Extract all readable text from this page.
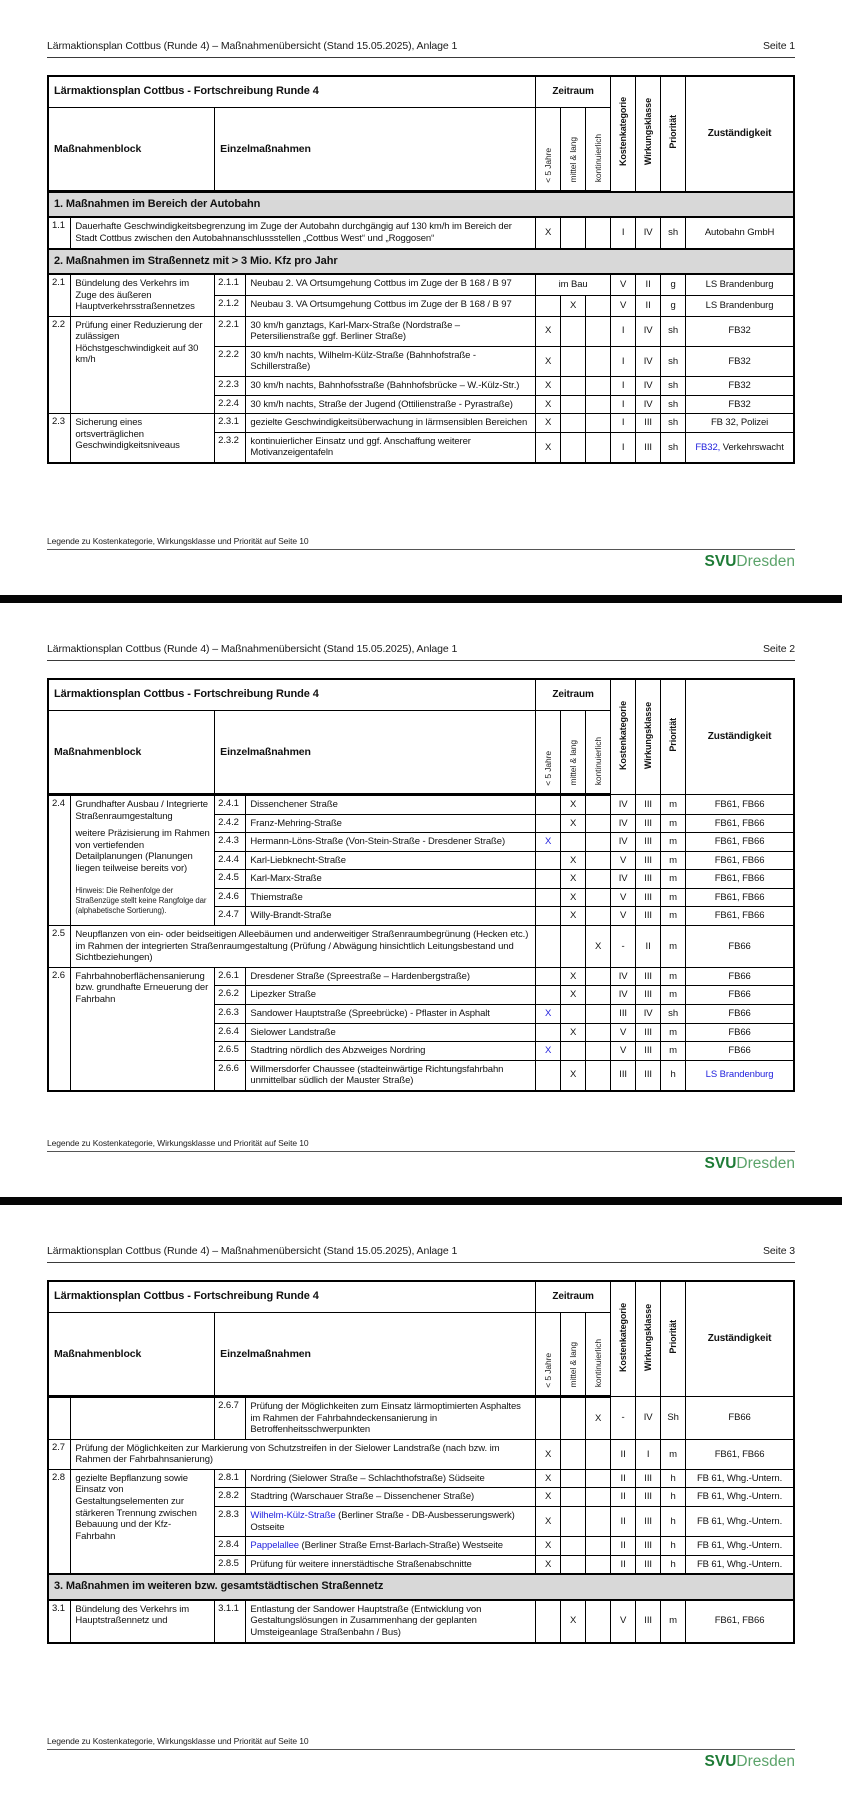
Lärmaktionsplan Cottbus (Runde 4) – Maßnahmenübersicht (Stand 15.05.2025), Anlage 1	Seite 1
Lärmaktionsplan Cottbus - Fortschreibung Runde 4				Zeitraum			Kostenkategorie	Wirkungsklasse	Priorität	Zuständigkeit
Maßnahmenblock		Einzelmaßnahmen		< 5 Jahre	mittel & lang	kontinuierlich				
1. Maßnahmen im Bereich der Autobahn										
1.1	Dauerhafte Geschwindigkeitsbegrenzung im Zuge der Autobahn durchgängig auf 130 km/h im Bereich der Stadt Cottbus zwischen den Autobahnanschlussstellen „Cottbus West“ und „Roggosen“			X			I	IV	sh	Autobahn GmbH
2. Maßnahmen im Straßennetz mit > 3 Mio. Kfz pro Jahr										
2.1	Bündelung des Verkehrs im Zuge des äußeren Hauptverkehrsstraßennetzes	2.1.1	Neubau 2. VA Ortsumgehung Cottbus im Zuge der B 168 / B 97	im Bau			V	II	g	LS Brandenburg
		2.1.2	Neubau 3. VA Ortsumgehung Cottbus im Zuge der B 168 / B 97		X		V	II	g	LS Brandenburg
2.2	Prüfung einer Reduzierung der zulässigen Höchstgeschwindigkeit auf 30 km/h	2.2.1	30 km/h ganztags, Karl-Marx-Straße (Nordstraße – Petersilienstraße ggf. Berliner Straße)	X			I	IV	sh	FB32
		2.2.2	30 km/h nachts, Wilhelm-Külz-Straße (Bahnhofstraße - Schillerstraße)	X			I	IV	sh	FB32
		2.2.3	30 km/h nachts, Bahnhofsstraße (Bahnhofsbrücke – W.-Külz-Str.)	X			I	IV	sh	FB32
		2.2.4	30 km/h nachts, Straße der Jugend (Ottilienstraße - Pyrastraße)	X			I	IV	sh	FB32
2.3	Sicherung eines ortsverträglichen Geschwindigkeitsniveaus	2.3.1	gezielte Geschwindigkeitsüberwachung in lärmsensiblen Bereichen	X			I	III	sh	FB 32, Polizei
		2.3.2	kontinuierlicher Einsatz und ggf. Anschaffung weiterer Motivanzeigentafeln	X			I	III	sh	FB32, Verkehrswacht
Legende zu Kostenkategorie, Wirkungsklasse und Priorität auf Seite 10
SVUDresden
Lärmaktionsplan Cottbus (Runde 4) – Maßnahmenübersicht (Stand 15.05.2025), Anlage 1	Seite 2
Lärmaktionsplan Cottbus - Fortschreibung Runde 4				Zeitraum			Kostenkategorie	Wirkungsklasse	Priorität	Zuständigkeit
Maßnahmenblock		Einzelmaßnahmen		< 5 Jahre	mittel & lang	kontinuierlich				
2.4	Grundhafter Ausbau / Integrierte Straßenraumgestaltung
weitere Präzisierung im Rahmen von vertiefenden Detailplanungen (Planungen liegen teilweise bereits vor)
Hinweis: Die Reihenfolge der Straßenzüge stellt keine Rangfolge dar (alphabetische Sortierung).	2.4.1	Dissenchener Straße		X		IV	III	m	FB61, FB66
		2.4.2	Franz-Mehring-Straße		X		IV	III	m	FB61, FB66
		2.4.3	Hermann-Löns-Straße (Von-Stein-Straße - Dresdener Straße)	X			IV	III	m	FB61, FB66
		2.4.4	Karl-Liebknecht-Straße		X		V	III	m	FB61, FB66
		2.4.5	Karl-Marx-Straße		X		IV	III	m	FB61, FB66
		2.4.6	Thiemstraße		X		V	III	m	FB61, FB66
		2.4.7	Willy-Brandt-Straße		X		V	III	m	FB61, FB66
2.5	Neupflanzen von ein- oder beidseitigen Alleebäumen und anderweitiger Straßenraumbegrünung (Hecken etc.) im Rahmen der integrierten Straßenraumgestaltung (Prüfung / Abwägung hinsichtlich Leitungsbestand und Sichtbeziehungen)					X	-	II	m	FB66
2.6	Fahrbahnoberflächensanierung bzw. grundhafte Erneuerung der Fahrbahn	2.6.1	Dresdener Straße (Spreestraße – Hardenbergstraße)		X		IV	III	m	FB66
		2.6.2	Lipezker Straße		X		IV	III	m	FB66
		2.6.3	Sandower Hauptstraße (Spreebrücke) - Pflaster in Asphalt	X			III	IV	sh	FB66
		2.6.4	Sielower Landstraße		X		V	III	m	FB66
		2.6.5	Stadtring nördlich des Abzweiges Nordring	X			V	III	m	FB66
		2.6.6	Willmersdorfer Chaussee (stadteinwärtige Richtungsfahrbahn unmittelbar südlich der Mauster Straße)		X		III	III	h	LS Brandenburg
Legende zu Kostenkategorie, Wirkungsklasse und Priorität auf Seite 10
SVUDresden
Lärmaktionsplan Cottbus (Runde 4) – Maßnahmenübersicht (Stand 15.05.2025), Anlage 1	Seite 3
Lärmaktionsplan Cottbus - Fortschreibung Runde 4				Zeitraum			Kostenkategorie	Wirkungsklasse	Priorität	Zuständigkeit
Maßnahmenblock		Einzelmaßnahmen		< 5 Jahre	mittel & lang	kontinuierlich				
		2.6.7	Prüfung der Möglichkeiten zum Einsatz lärmoptimierten Asphaltes im Rahmen der Fahrbahndeckensanierung in Betroffenheitsschwerpunkten			X	-	IV	Sh	FB66
2.7	Prüfung der Möglichkeiten zur Markierung von Schutzstreifen in der Sielower Landstraße (nach bzw. im Rahmen der Fahrbahnsanierung)			X			II	I	m	FB61, FB66
2.8	gezielte Bepflanzung sowie Einsatz von Gestaltungselementen zur stärkeren Trennung zwischen Bebauung und der Kfz-Fahrbahn	2.8.1	Nordring (Sielower Straße – Schlachthofstraße) Südseite	X			II	III	h	FB 61, Whg.-Untern.
		2.8.2	Stadtring (Warschauer Straße – Dissenchener Straße)	X			II	III	h	FB 61, Whg.-Untern.
		2.8.3	Wilhelm-Külz-Straße (Berliner Straße - DB-Ausbesserungswerk) Ostseite	X			II	III	h	FB 61, Whg.-Untern.
		2.8.4	Pappelallee (Berliner Straße Ernst-Barlach-Straße) Westseite	X			II	III	h	FB 61, Whg.-Untern.
		2.8.5	Prüfung für weitere innerstädtische Straßenabschnitte	X			II	III	h	FB 61, Whg.-Untern.
3. Maßnahmen im weiteren bzw. gesamtstädtischen Straßennetz										
3.1	Bündelung des Verkehrs im Hauptstraßennetz und	3.1.1	Entlastung der Sandower Hauptstraße (Entwicklung von Gestaltungslösungen in Zusammenhang der geplanten Umsteigeanlage Straßenbahn / Bus)		X		V	III	m	FB61, FB66
Legende zu Kostenkategorie, Wirkungsklasse und Priorität auf Seite 10
SVUDresden
